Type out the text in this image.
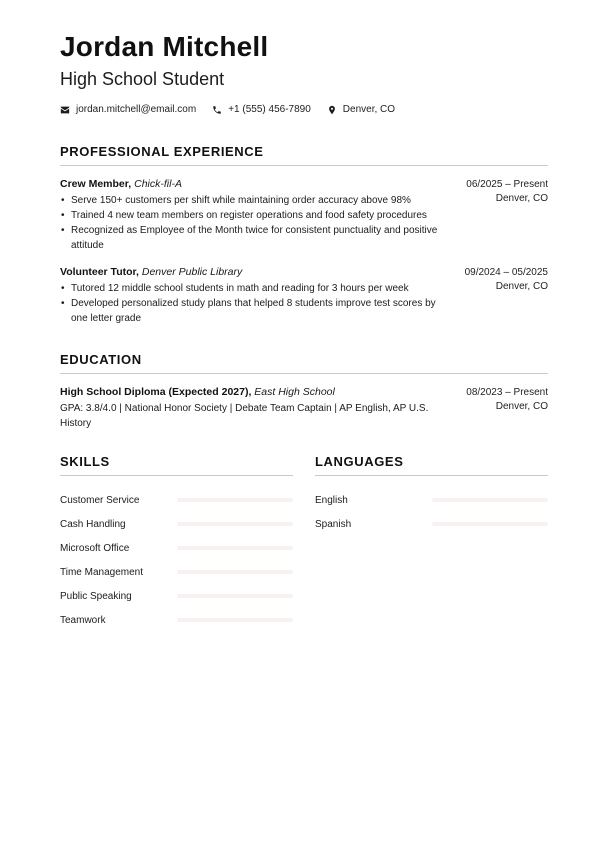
Jordan Mitchell
High School Student
jordan.mitchell@email.com	+1 (555) 456-7890	Denver, CO
PROFESSIONAL EXPERIENCE
Crew Member, Chick-fil-A
• Serve 150+ customers per shift while maintaining order accuracy above 98%
• Trained 4 new team members on register operations and food safety procedures
• Recognized as Employee of the Month twice for consistent punctuality and positive attitude
06/2025 – Present
Denver, CO
Volunteer Tutor, Denver Public Library
• Tutored 12 middle school students in math and reading for 3 hours per week
• Developed personalized study plans that helped 8 students improve test scores by one letter grade
09/2024 – 05/2025
Denver, CO
EDUCATION
High School Diploma (Expected 2027), East High School
GPA: 3.8/4.0 | National Honor Society | Debate Team Captain | AP English, AP U.S. History
08/2023 – Present
Denver, CO
SKILLS
Customer Service
Cash Handling
Microsoft Office
Time Management
Public Speaking
Teamwork
LANGUAGES
English
Spanish
